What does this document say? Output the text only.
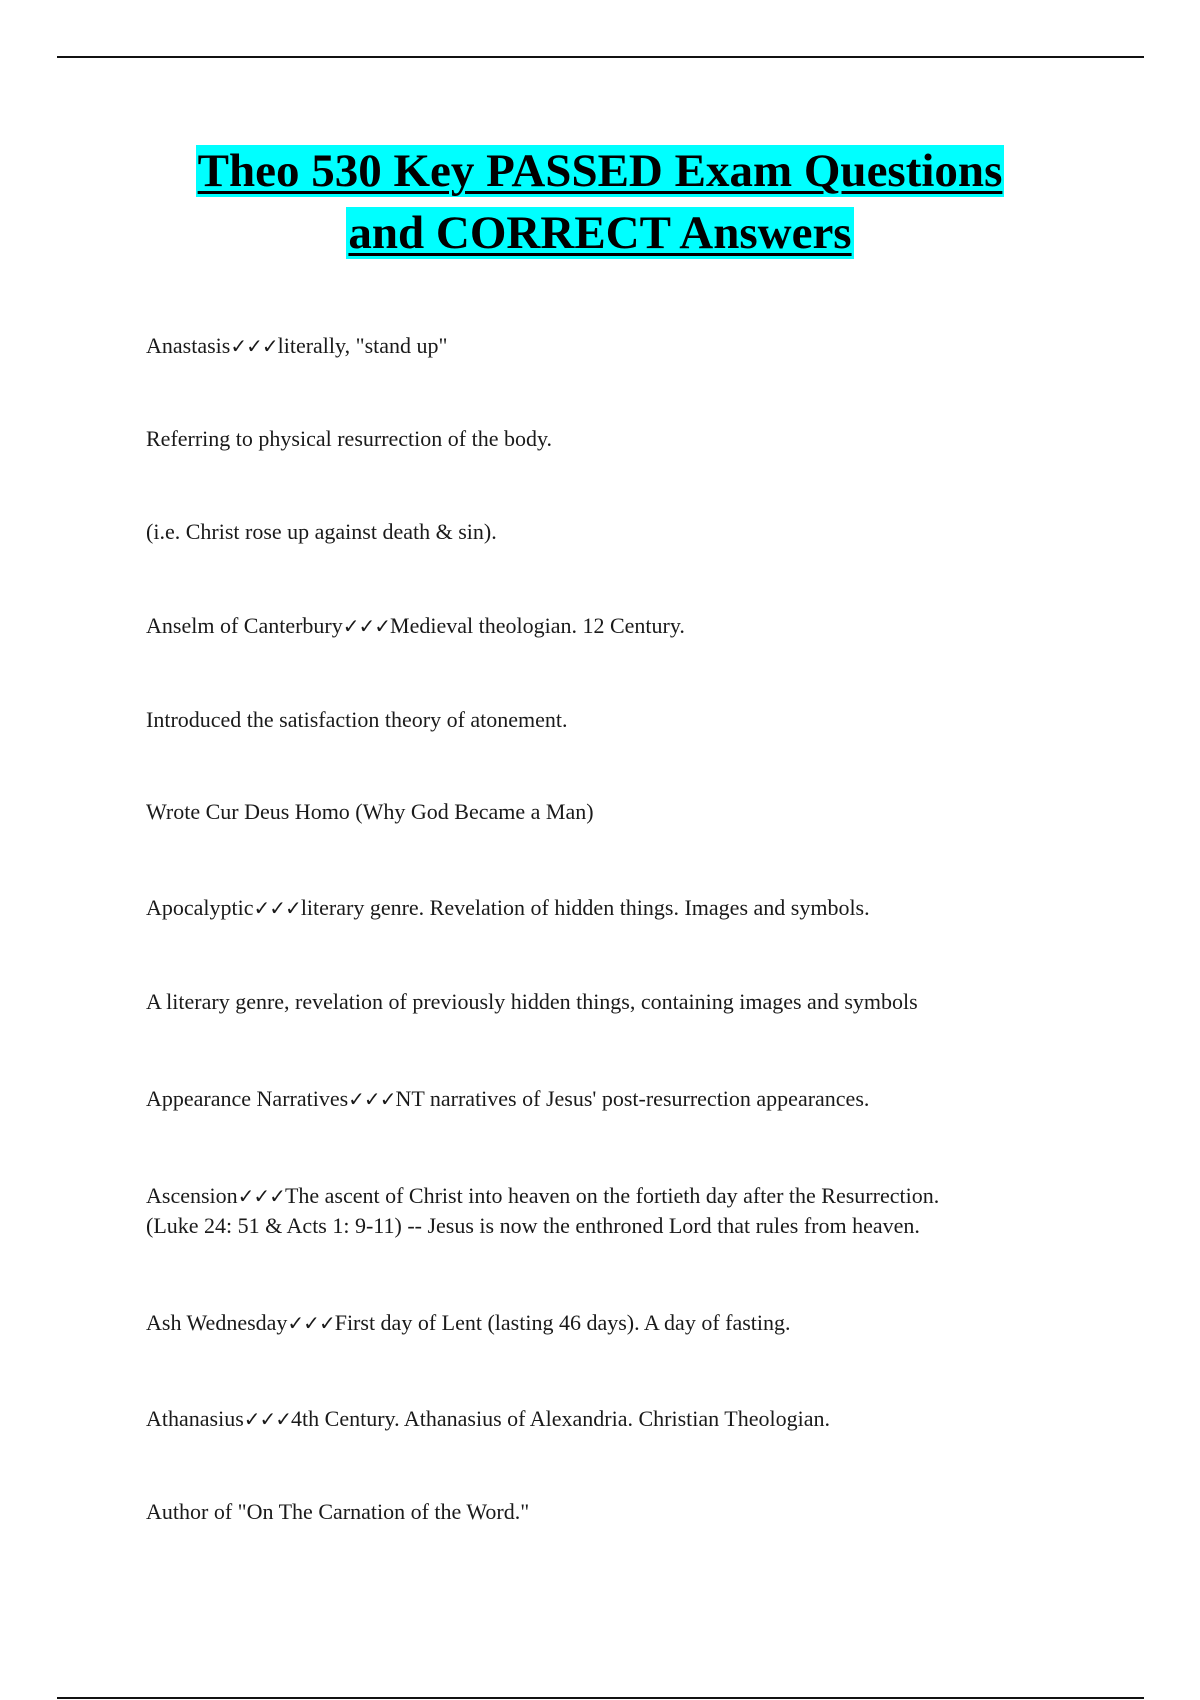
Theo 530 Key PASSED Exam Questions
and CORRECT Answers

Anastasis✓✓✓literally, "stand up"

Referring to physical resurrection of the body.

(i.e. Christ rose up against death & sin).

Anselm of Canterbury✓✓✓Medieval theologian. 12 Century.

Introduced the satisfaction theory of atonement.

Wrote Cur Deus Homo (Why God Became a Man)

Apocalyptic✓✓✓literary genre. Revelation of hidden things. Images and symbols.

A literary genre, revelation of previously hidden things, containing images and symbols

Appearance Narratives✓✓✓NT narratives of Jesus' post-resurrection appearances.

Ascension✓✓✓The ascent of Christ into heaven on the fortieth day after the Resurrection.

(Luke 24: 51 & Acts 1: 9-11) -- Jesus is now the enthroned Lord that rules from heaven.

Ash Wednesday✓✓✓First day of Lent (lasting 46 days). A day of fasting.

Athanasius✓✓✓4th Century. Athanasius of Alexandria. Christian Theologian.

Author of "On The Carnation of the Word."
